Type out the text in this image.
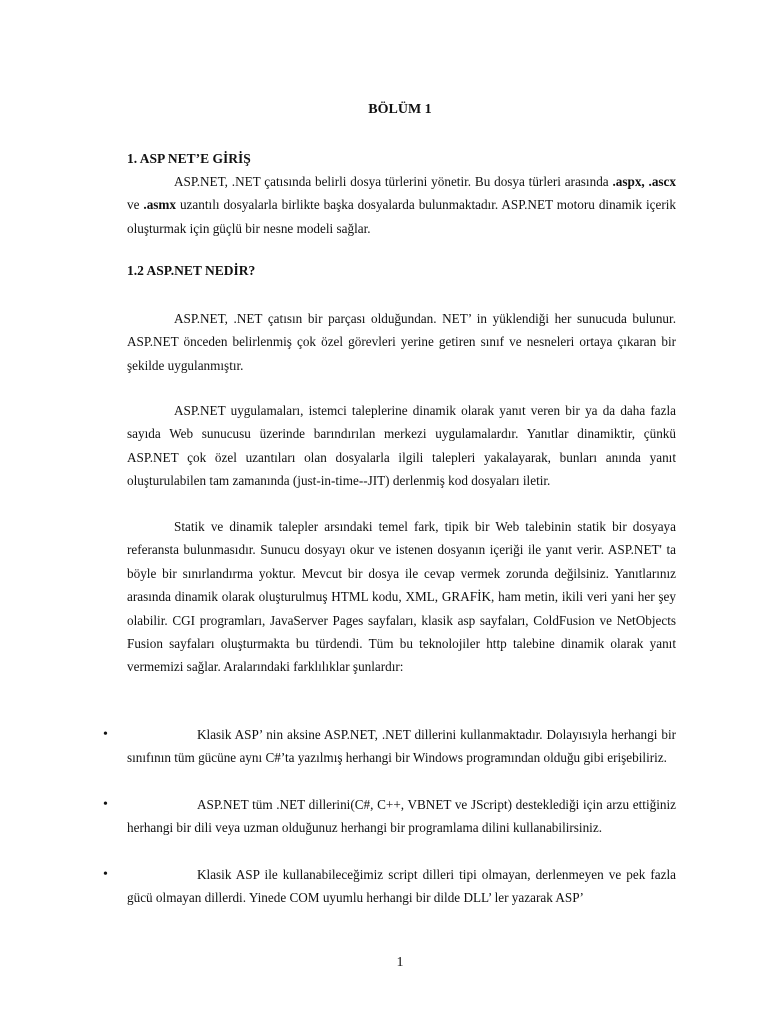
BÖLÜM 1
1. ASP NET’E GİRİŞ
ASP.NET, .NET çatısında belirli dosya türlerini yönetir. Bu dosya türleri arasında .aspx, .ascx ve .asmx uzantılı dosyalarla birlikte başka dosyalarda bulunmaktadır. ASP.NET motoru dinamik içerik oluşturmak için güçlü bir nesne modeli sağlar.
1.2 ASP.NET NEDİR?
ASP.NET, .NET çatısın bir parçası olduğundan. NET’ in yüklendiği her sunucuda bulunur. ASP.NET önceden belirlenmiş çok özel görevleri yerine getiren sınıf ve nesneleri ortaya çıkaran bir şekilde uygulanmıştır.
ASP.NET uygulamaları, istemci taleplerine dinamik olarak yanıt veren bir ya da daha fazla sayıda Web sunucusu üzerinde barındırılan merkezi uygulamalardır. Yanıtlar dinamiktir, çünkü ASP.NET çok özel uzantıları olan dosyalarla ilgili talepleri yakalayarak, bunları anında yanıt oluşturulabilen tam zamanında (just-in-time--JIT) derlenmiş kod dosyaları iletir.
Statik ve dinamik talepler arsındaki temel fark, tipik bir Web talebinin statik bir dosyaya referansta bulunmasıdır. Sunucu dosyayı okur ve istenen dosyanın içeriği ile yanıt verir. ASP.NET' ta böyle bir sınırlandırma yoktur. Mevcut bir dosya ile cevap vermek zorunda değilsiniz. Yanıtlarınız arasında dinamik olarak oluşturulmuş HTML kodu, XML, GRAFİK, ham metin, ikili veri yani her şey olabilir. CGI programları, JavaServer Pages sayfaları, klasik asp sayfaları, ColdFusion ve NetObjects Fusion sayfaları oluşturmakta bu türdendi. Tüm bu teknolojiler http talebine dinamik olarak yanıt vermemizi sağlar. Aralarındaki farklılıklar şunlardır:
•	Klasik ASP’ nin aksine ASP.NET, .NET dillerini kullanmaktadır. Dolayısıyla herhangi bir sınıfının tüm gücüne aynı C#’ta yazılmış herhangi bir Windows programından olduğu gibi erişebiliriz.
•	ASP.NET tüm .NET dillerini(C#, C++, VBNET ve JScript) desteklediği için arzu ettiğiniz herhangi bir dili veya uzman olduğunuz herhangi bir programlama dilini kullanabilirsiniz.
•	Klasik ASP ile kullanabileceğimiz script dilleri tipi olmayan, derlenmeyen ve pek fazla gücü olmayan dillerdi. Yinede COM uyumlu herhangi bir dilde DLL’ ler yazarak ASP’
1
